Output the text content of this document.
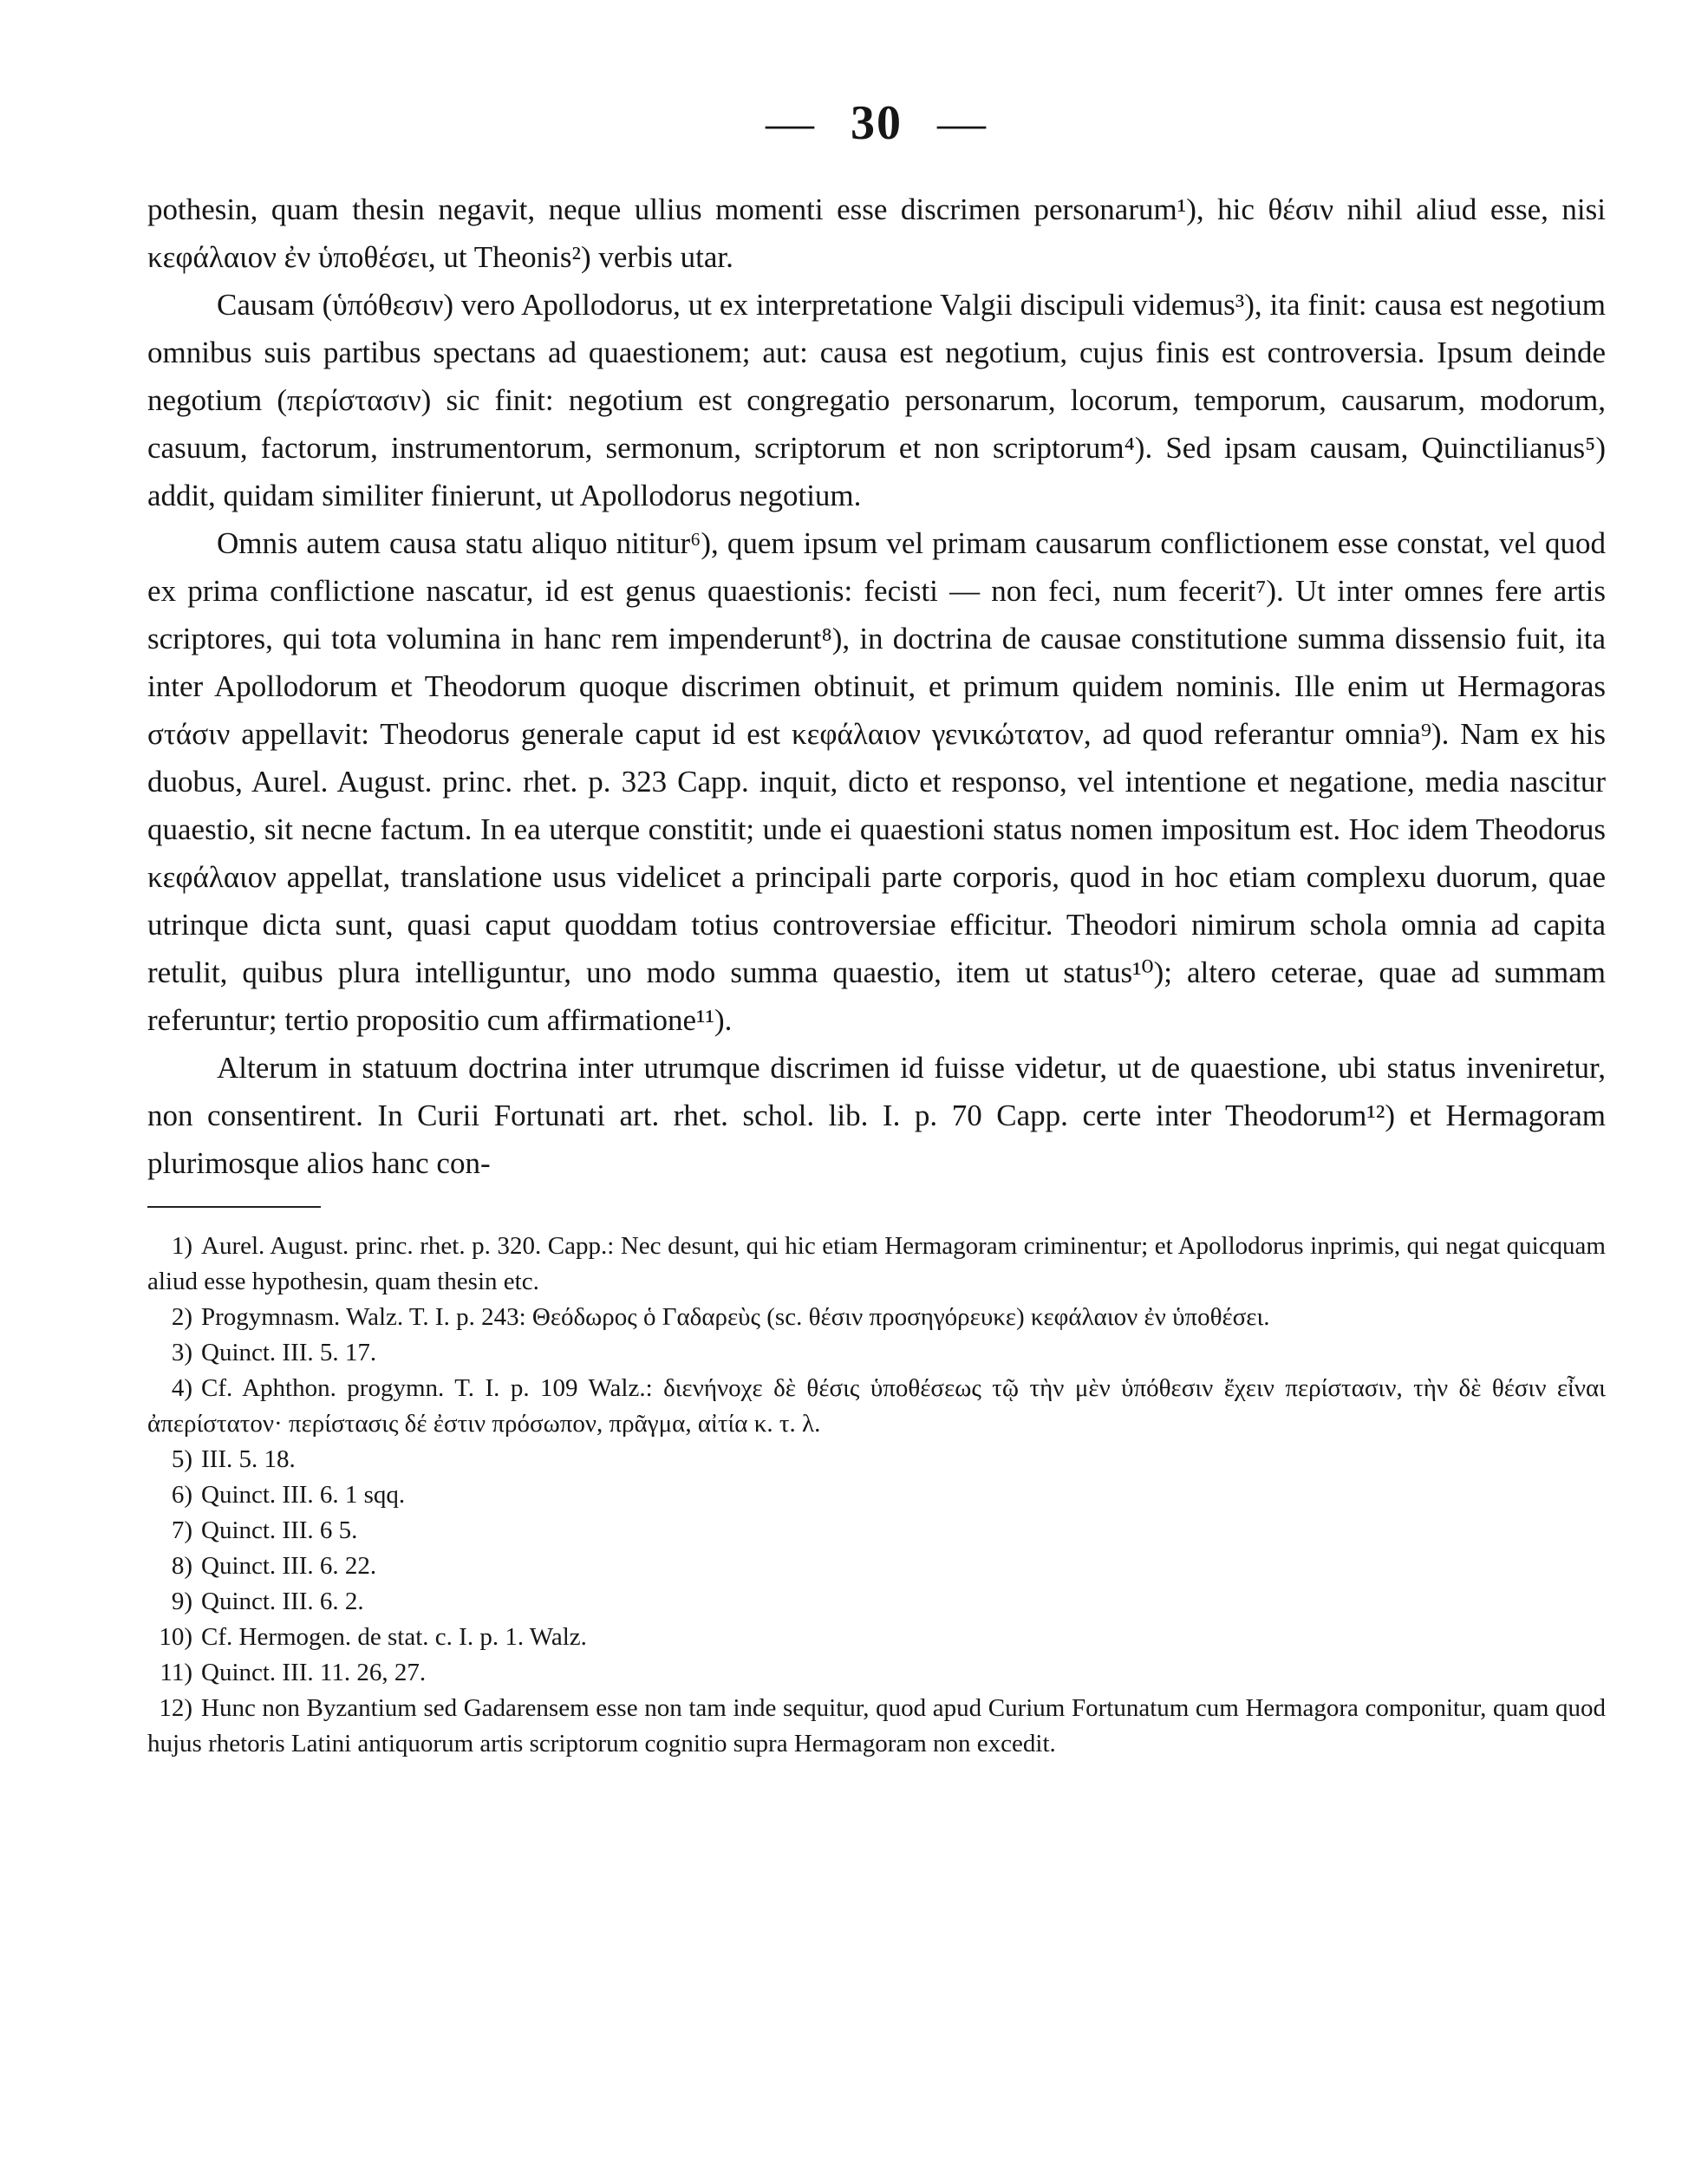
— 30 —

pothesin, quam thesin negavit, neque ullius momenti esse discrimen personarum¹), hic θέσιν nihil aliud esse, nisi κεφάλαιον ἐν ὑποθέσει, ut Theonis²) verbis utar.

Causam (ὑπόθεσιν) vero Apollodorus, ut ex interpretatione Valgii discipuli videmus³), ita finit: causa est negotium omnibus suis partibus spectans ad quaestionem; aut: causa est negotium, cujus finis est controversia. Ipsum deinde negotium (περίστασιν) sic finit: negotium est congregatio personarum, locorum, temporum, causarum, modorum, casuum, factorum, instrumentorum, sermonum, scriptorum et non scriptorum⁴). Sed ipsam causam, Quinctilianus⁵) addit, quidam similiter finierunt, ut Apollodorus negotium.

Omnis autem causa statu aliquo nititur⁶), quem ipsum vel primam causarum conflictionem esse constat, vel quod ex prima conflictione nascatur, id est genus quaestionis: fecisti — non feci, num fecerit⁷). Ut inter omnes fere artis scriptores, qui tota volumina in hanc rem impenderunt⁸), in doctrina de causae constitutione summa dissensio fuit, ita inter Apollodorum et Theodorum quoque discrimen obtinuit, et primum quidem nominis. Ille enim ut Hermagoras στάσιν appellavit: Theodorus generale caput id est κεφάλαιον γενικώτατον, ad quod referantur omnia⁹). Nam ex his duobus, Aurel. August. princ. rhet. p. 323 Capp. inquit, dicto et responso, vel intentione et negatione, media nascitur quaestio, sit necne factum. In ea uterque constitit; unde ei quaestioni status nomen impositum est. Hoc idem Theodorus κεφάλαιον appellat, translatione usus videlicet a principali parte corporis, quod in hoc etiam complexu duorum, quae utrinque dicta sunt, quasi caput quoddam totius controversiae efficitur. Theodori nimirum schola omnia ad capita retulit, quibus plura intelliguntur, uno modo summa quaestio, item ut status¹⁰); altero ceterae, quae ad summam referuntur; tertio propositio cum affirmatione¹¹).

Alterum in statuum doctrina inter utrumque discrimen id fuisse videtur, ut de quaestione, ubi status inveniretur, non consentirent. In Curii Fortunati art. rhet. schol. lib. I. p. 70 Capp. certe inter Theodorum¹²) et Hermagoram plurimosque alios hanc con-

1) Aurel. August. princ. rhet. p. 320. Capp.: Nec desunt, qui hic etiam Hermagoram criminentur; et Apollodorus inprimis, qui negat quicquam aliud esse hypothesin, quam thesin etc.
2) Progymnasm. Walz. T. I. p. 243: Θεόδωρος ὁ Γαδαρεὺς (sc. θέσιν προσηγόρευκε) κεφάλαιον ἐν ὑποθέσει.
3) Quinct. III. 5. 17.
4) Cf. Aphthon. progymn. T. I. p. 109 Walz.: διενήνοχε δὲ θέσις ὑποθέσεως τῷ τὴν μὲν ὑπόθεσιν ἔχειν περίστασιν, τὴν δὲ θέσιν εἶναι ἀπερίστατον· περίστασις δέ ἐστιν πρόσωπον, πρᾶγμα, αἰτία κ. τ. λ.
5) III. 5. 18.
6) Quinct. III. 6. 1 sqq.
7) Quinct. III. 6 5.
8) Quinct. III. 6. 22.
9) Quinct. III. 6. 2.
10) Cf. Hermogen. de stat. c. I. p. 1. Walz.
11) Quinct. III. 11. 26, 27.
12) Hunc non Byzantium sed Gadarensem esse non tam inde sequitur, quod apud Curium Fortunatum cum Hermagora componitur, quam quod hujus rhetoris Latini antiquorum artis scriptorum cognitio supra Hermagoram non excedit.
